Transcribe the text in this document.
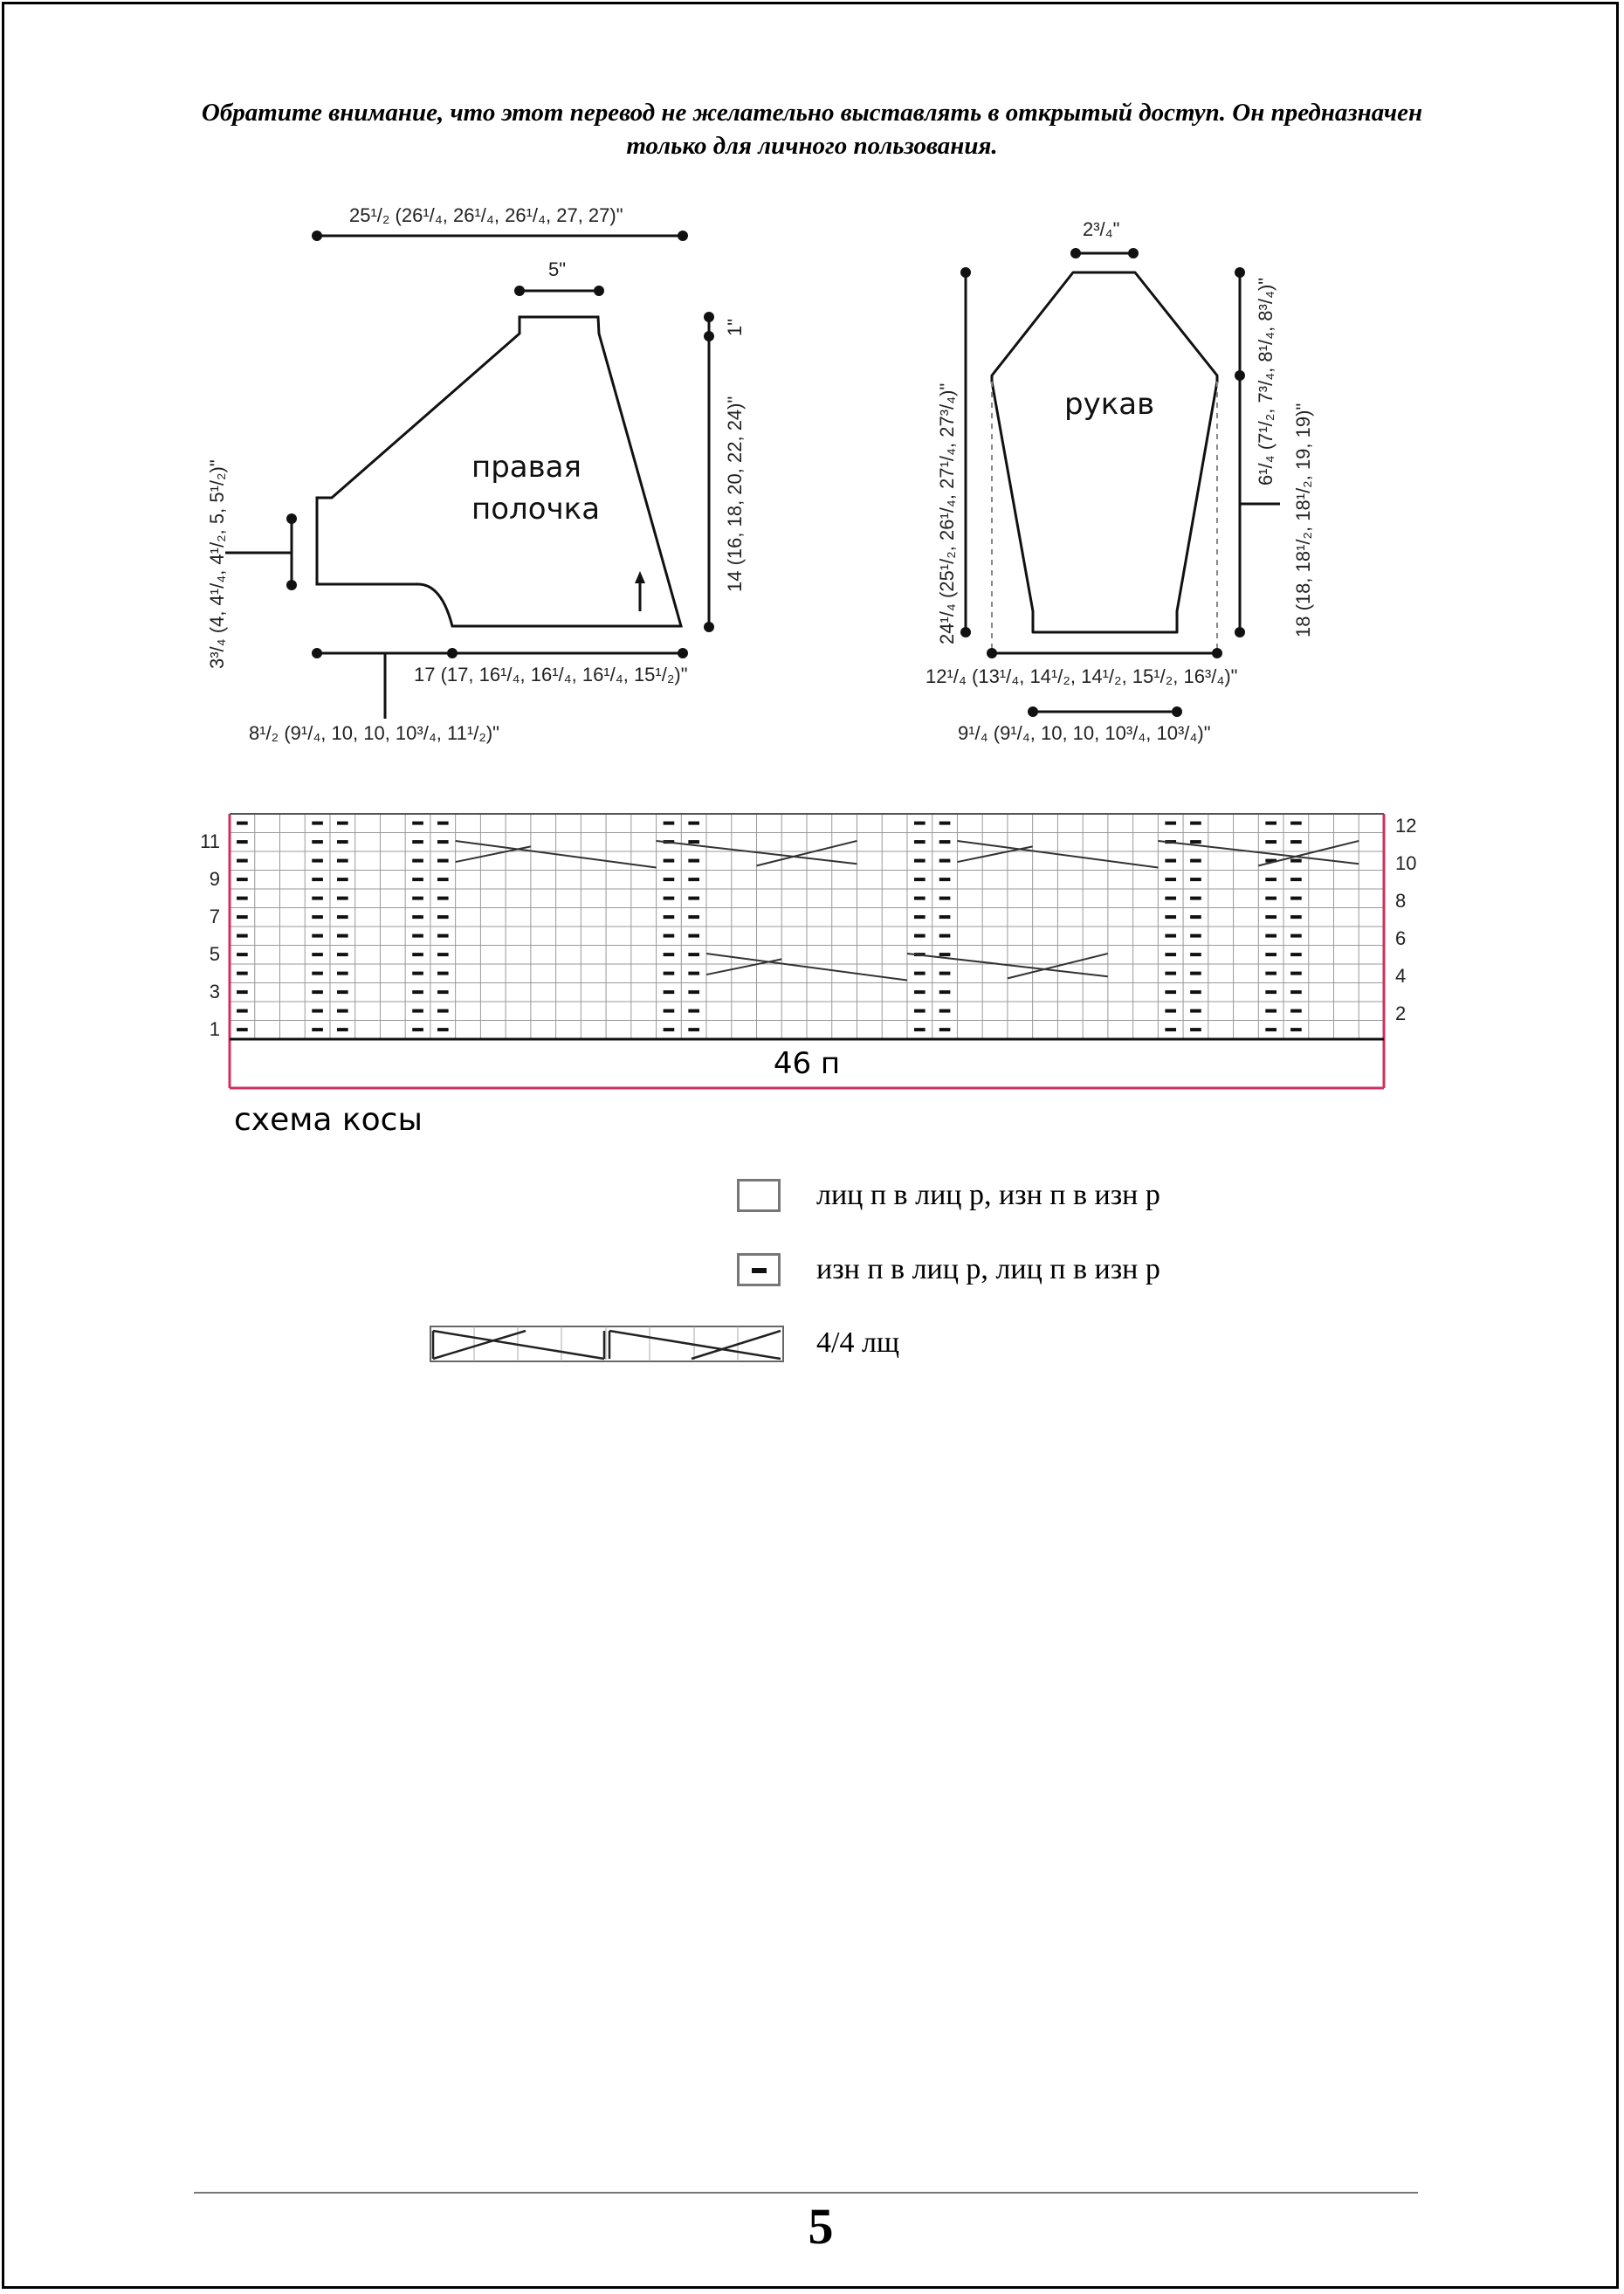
Обратите внимание, что этот перевод не желательно выставлять в открытый доступ. Он предназначен только для личного пользования.
25¹/₂ (26¹/₄, 26¹/₄, 26¹/₄, 27, 27)"
5"
1"
14 (16, 18, 20, 22, 24)"
3³/₄ (4, 4¹/₄, 4¹/₂, 5, 5¹/₂)"
17 (17, 16¹/₄, 16¹/₄, 16¹/₄, 15¹/₂)"
8¹/₂ (9¹/₄, 10, 10, 10³/₄, 11¹/₂)"
правая
полочка
2³/₄"
24¹/₄ (25¹/₂, 26¹/₄, 27¹/₄, 27³/₄)"
6¹/₄ (7¹/₂, 7³/₄, 8¹/₄, 8³/₄)"
18 (18, 18¹/₂, 18¹/₂, 19, 19)"
12¹/₄ (13¹/₄, 14¹/₂, 14¹/₂, 15¹/₂, 16³/₄)"
9¹/₄ (9¹/₄, 10, 10, 10³/₄, 10³/₄)"
рукав
11
9
7
5
3
1
12
10
8
6
4
2
46 п
схема косы
лиц п в лиц р, изн п в изн р
изн п в лиц р, лиц п в изн р
4/4 лщ
5
